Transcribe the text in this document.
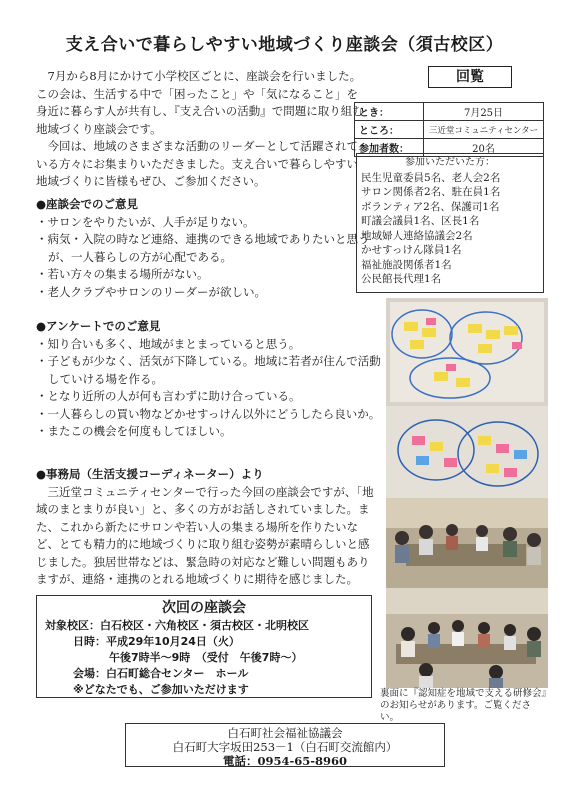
支え合いで暮らしやすい地域づくり座談会（須古校区）
回覧

7月から8月にかけて小学校区ごとに、座談会を行いました。この会は、生活する中で「困ったこと」や「気になること」を身近に暮らす人が共有し、『支え合いの活動』で問題に取り組む地域づくり座談会です。

今回は、地域のさまざまな活動のリーダーとして活躍されている方々にお集まりいただきました。支え合いで暮らしやすい地域づくりに皆様もぜひ、ご参加ください。

とき：	7月25日
ところ：	三近堂コミュニティセンター
参加者数：	20名
参加いただいた方：
民生児童委員5名、老人会2名
サロン関係者2名、駐在員1名
ボランティア2名、保護司1名
町議会議員1名、区長1名
地域婦人連絡協議会2名
かせすっけん隊員1名
福祉施設関係者1名
公民館長代理1名
●座談会でのご意見
・サロンをやりたいが、人手が足りない。
・病気・入院の時など連絡、連携のできる地域でありたいと思うが、一人暮らしの方が心配である。
・若い方々の集まる場所がない。
・老人クラブやサロンのリーダーが欲しい。
●アンケートでのご意見
・知り合いも多く、地域がまとまっていると思う。
・子どもが少なく、活気が下降している。地域に若者が住んで活動していける場を作る。
・となり近所の人が何も言わずに助け合っている。
・一人暮らしの買い物などかせすっけん以外にどうしたら良いか。
・またこの機会を何度もしてほしい。
●事務局（生活支援コーディネーター）より
三近堂コミュニティセンターで行った今回の座談会ですが、「地域のまとまりが良い」と、多くの方がお話しされていました。また、これから新たにサロンや若い人の集まる場所を作りたいなど、とても精力的に地域づくりに取り組む姿勢が素晴らしいと感じました。独居世帯などは、緊急時の対応など難しい問題もありますが、連絡・連携のとれる地域づくりに期待を感じました。
次回の座談会
対象校区：白石校区・六角校区・須古校区・北明校区
日時：平成29年10月24日（火）
午後7時半～9時　（受付　午後7時～）
会場：白石町総合センター　ホール
※どなたでも、ご参加いただけます	裏面に『認知症を地域で支える研修会』のお知らせがあります。ご覧ください。
白石町社会福祉協議会
白石町大字坂田253－1（白石町交流館内）
電話：0954-65-8960
